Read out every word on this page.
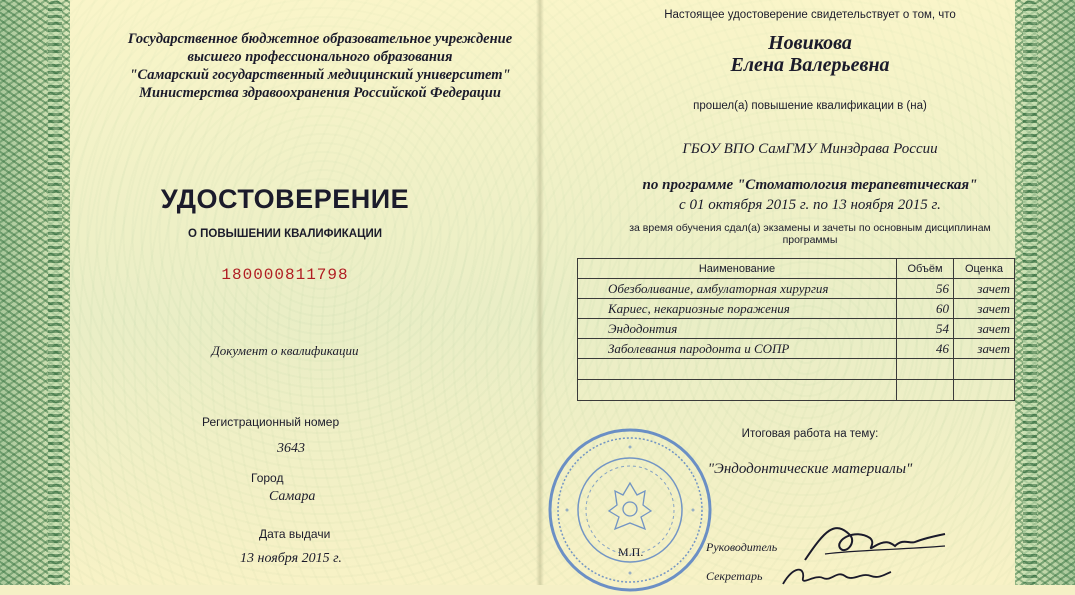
Государственное бюджетное образовательное учреждение
высшего профессионального образования
"Самарский государственный медицинский университет"
Министерства здравоохранения Российской Федерации
УДОСТОВЕРЕНИЕ
О ПОВЫШЕНИИ КВАЛИФИКАЦИИ
180000811798
Документ о квалификации
Регистрационный номер
3643
Город
Самара
Дата выдачи
13 ноября 2015 г.
Настоящее удостоверение свидетельствует о том, что
Новикова
Елена Валерьевна
прошел(а) повышение квалификации в (на)
ГБОУ ВПО СамГМУ Минздрава России
по программе "Стоматология терапевтическая"
с 01 октября 2015 г. по 13 ноября 2015 г.
за время обучения сдал(а) экзамены и зачеты по основным дисциплинам
программы
Наименование	Объём	Оценка
Обезболивание, амбулаторная хирургия	56	зачет
Кариес, некариозные поражения	60	зачет
Эндодонтия	54	зачет
Заболевания пародонта и СОПР	46	зачет

Итоговая работа на тему:
"Эндодонтические материалы"
М.П.	Руководитель
Секретарь
